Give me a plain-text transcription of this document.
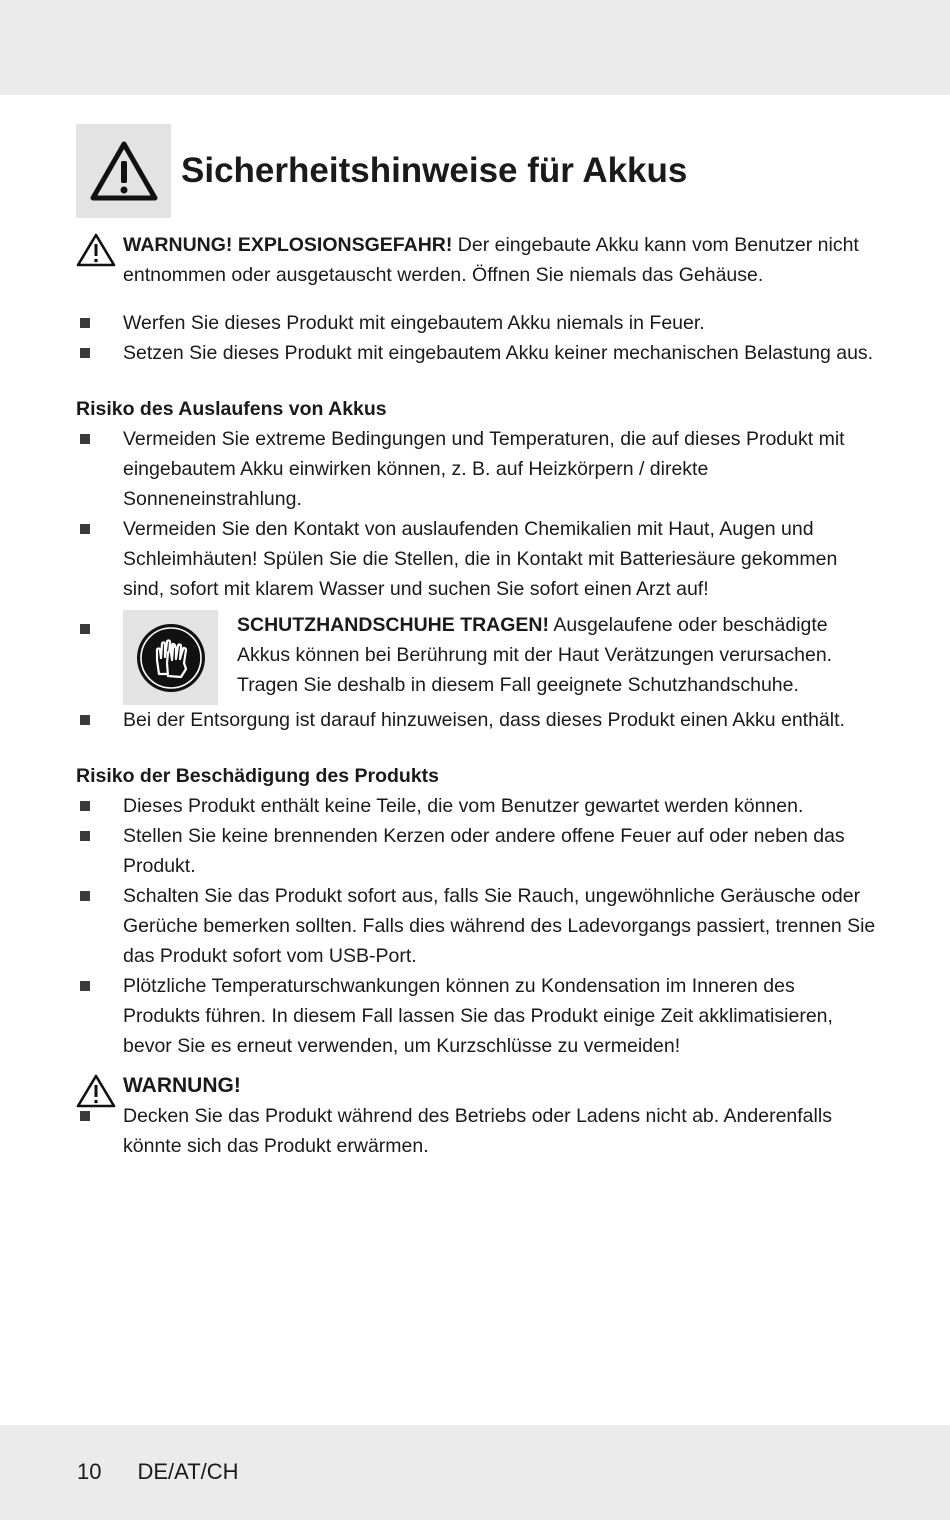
Sicherheitshinweise für Akkus
WARNUNG! EXPLOSIONSGEFAHR! Der eingebaute Akku kann vom Benutzer nicht entnommen oder ausgetauscht werden. Öffnen Sie niemals das Gehäuse.
Werfen Sie dieses Produkt mit eingebautem Akku niemals in Feuer.
Setzen Sie dieses Produkt mit eingebautem Akku keiner mechanischen Belastung aus.
Risiko des Auslaufens von Akkus
Vermeiden Sie extreme Bedingungen und Temperaturen, die auf dieses Produkt mit eingebautem Akku einwirken können, z. B. auf Heizkörpern / direkte Sonneneinstrahlung.
Vermeiden Sie den Kontakt von auslaufenden Chemikalien mit Haut, Augen und Schleimhäuten! Spülen Sie die Stellen, die in Kontakt mit Batteriesäure gekommen sind, sofort mit klarem Wasser und suchen Sie sofort einen Arzt auf!
SCHUTZHANDSCHUHE TRAGEN! Ausgelaufene oder beschädigte Akkus können bei Berührung mit der Haut Verätzungen verursachen. Tragen Sie deshalb in diesem Fall geeignete Schutzhandschuhe.
Bei der Entsorgung ist darauf hinzuweisen, dass dieses Produkt einen Akku enthält.
Risiko der Beschädigung des Produkts
Dieses Produkt enthält keine Teile, die vom Benutzer gewartet werden können.
Stellen Sie keine brennenden Kerzen oder andere offene Feuer auf oder neben das Produkt.
Schalten Sie das Produkt sofort aus, falls Sie Rauch, ungewöhnliche Geräusche oder Gerüche bemerken sollten. Falls dies während des Ladevorgangs passiert, trennen Sie das Produkt sofort vom USB-Port.
Plötzliche Temperaturschwankungen können zu Kondensation im Inneren des Produkts führen. In diesem Fall lassen Sie das Produkt einige Zeit akklimatisieren, bevor Sie es erneut verwenden, um Kurzschlüsse zu vermeiden!
WARNUNG!
Decken Sie das Produkt während des Betriebs oder Ladens nicht ab. Anderenfalls könnte sich das Produkt erwärmen.
10 DE/AT/CH
